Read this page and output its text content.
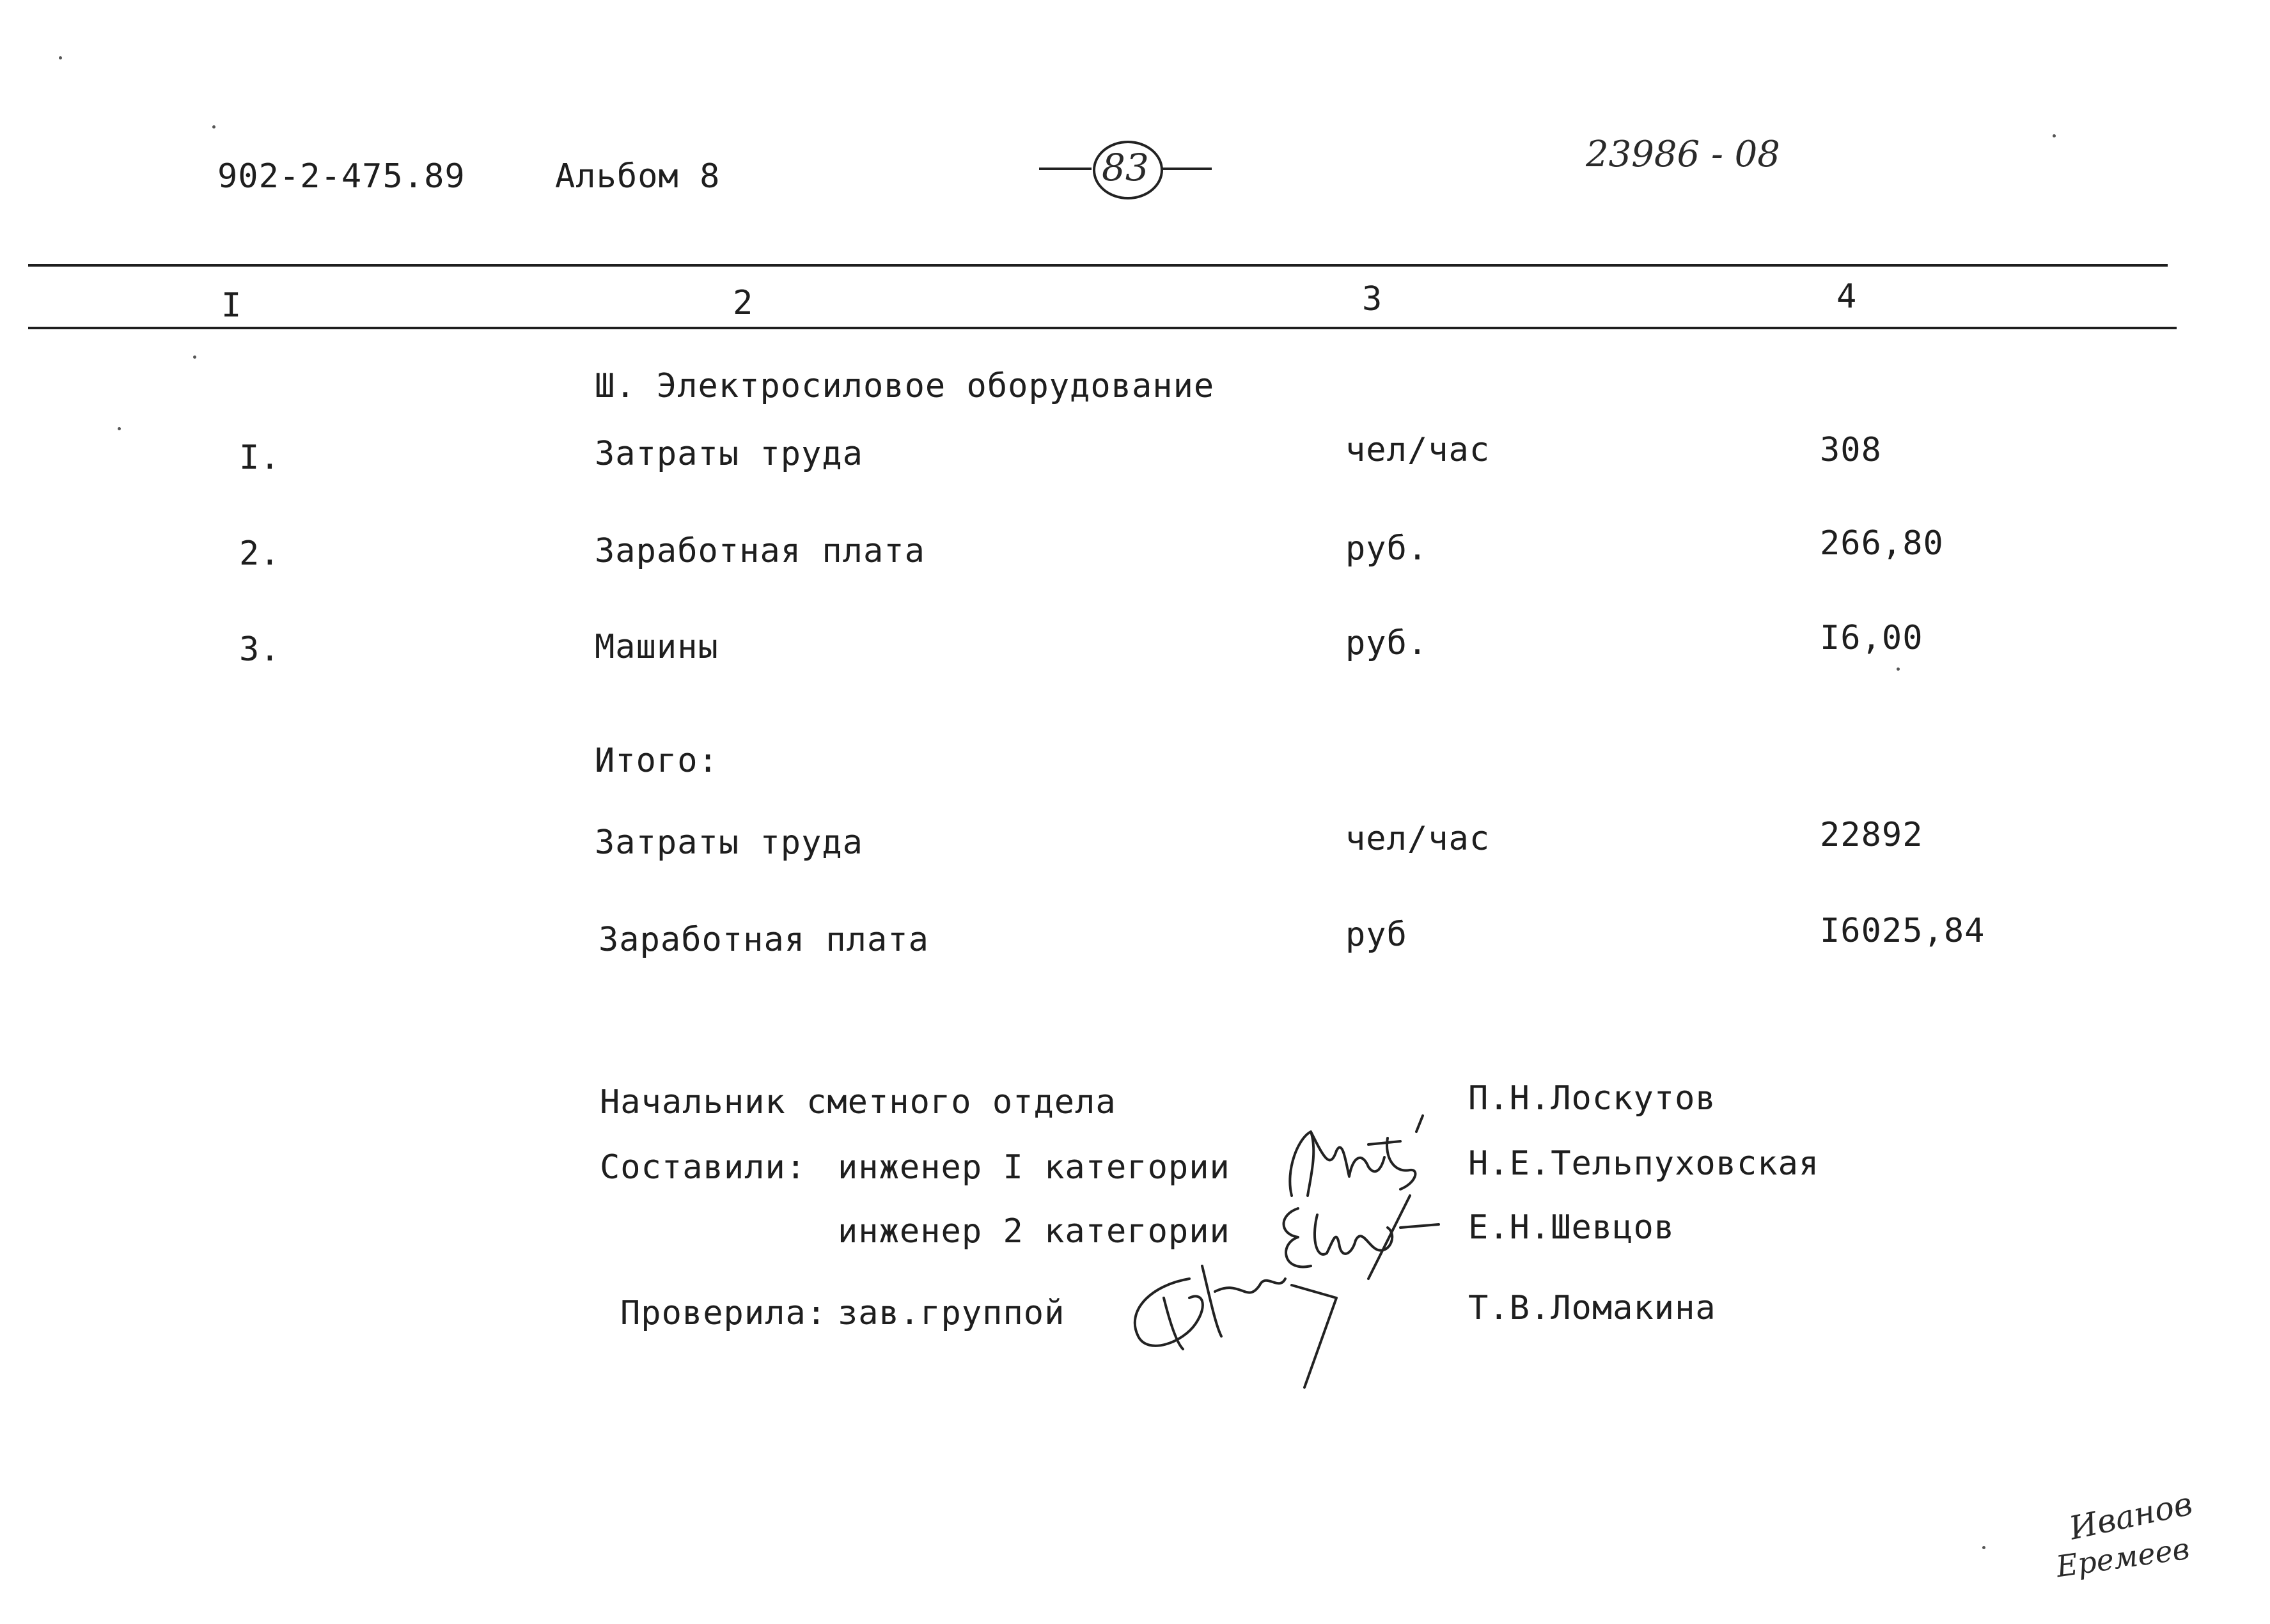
902-2-475.89	Альбом 8	83	23986 - 08
I	2	3	4
Ш. Электросиловое оборудование
I.	Затраты труда	чел/час	308
2.	Заработная плата	руб.	266,80
3.	Машины	руб.	I6,00
Итого:
Затраты труда	чел/час	22892
Заработная плата	руб	I6025,84
Начальник сметного отдела	П.Н.Лоскутов
Составили: инженер I категории	Н.Е.Тельпуховская
инженер 2 категории	Е.Н.Шевцов
Проверила: зав.группой	Т.В.Ломакина
Иванов
Еремеев
